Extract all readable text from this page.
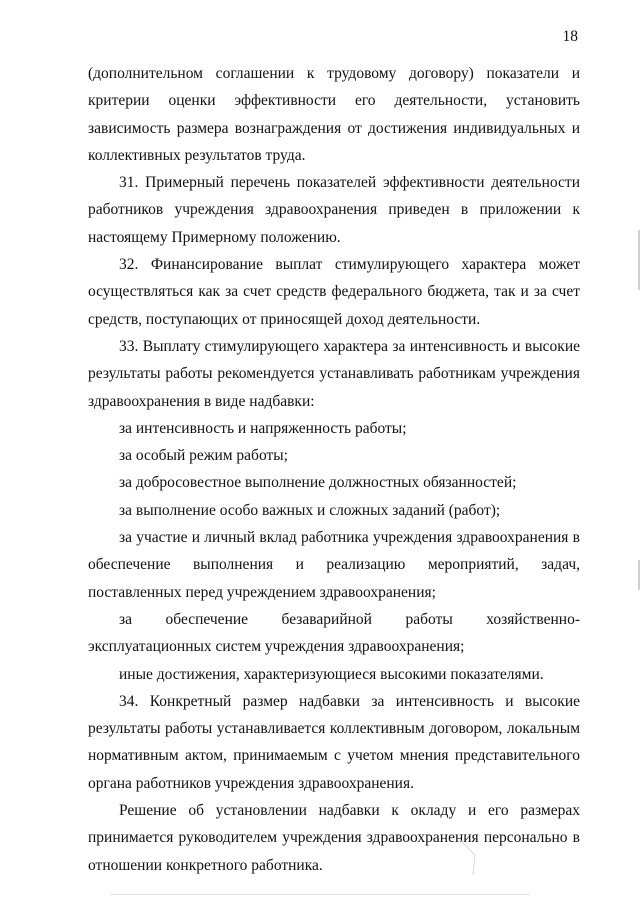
18

(дополнительном соглашении к трудовому договору) показатели и критерии оценки эффективности его деятельности, установить зависимость размера вознаграждения от достижения индивидуальных и коллективных результатов труда.

31. Примерный перечень показателей эффективности деятельности работников учреждения здравоохранения приведен в приложении к настоящему Примерному положению.

32. Финансирование выплат стимулирующего характера может осуществляться как за счет средств федерального бюджета, так и за счет средств, поступающих от приносящей доход деятельности.

33. Выплату стимулирующего характера за интенсивность и высокие результаты работы рекомендуется устанавливать работникам учреждения здравоохранения в виде надбавки:

за интенсивность и напряженность работы;

за особый режим работы;

за добросовестное выполнение должностных обязанностей;

за выполнение особо важных и сложных заданий (работ);

за участие и личный вклад работника учреждения здравоохранения в обеспечение выполнения и реализацию мероприятий, задач, поставленных перед учреждением здравоохранения;

за обеспечение безаварийной работы хозяйственно-эксплуатационных систем учреждения здравоохранения;

иные достижения, характеризующиеся высокими показателями.

34. Конкретный размер надбавки за интенсивность и высокие результаты работы устанавливается коллективным договором, локальным нормативным актом, принимаемым с учетом мнения представительного органа работников учреждения здравоохранения.

Решение об установлении надбавки к окладу и его размерах принимается руководителем учреждения здравоохранения персонально в отношении конкретного работника.
